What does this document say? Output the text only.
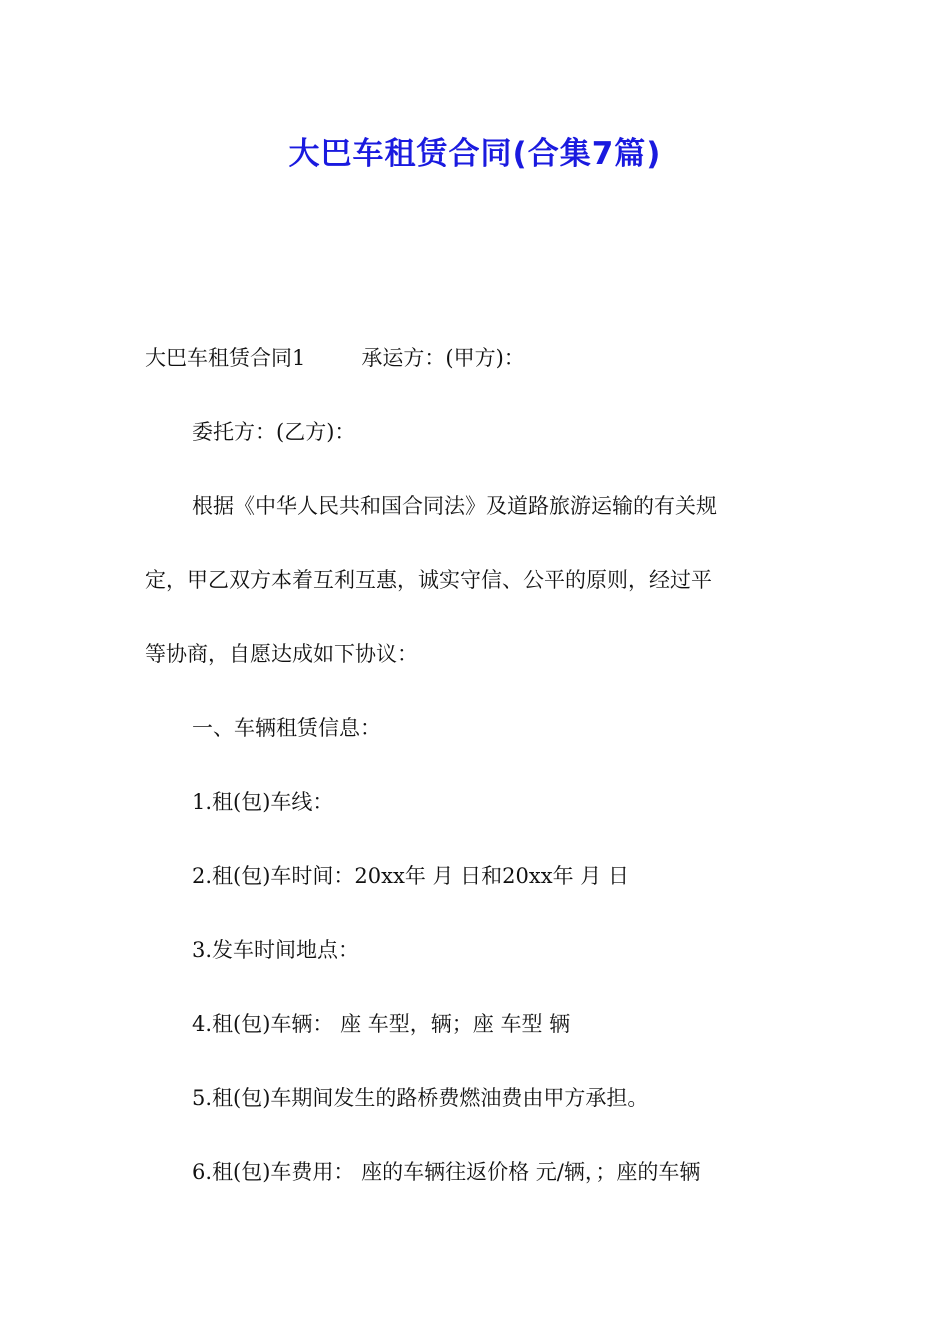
大巴车租赁合同(合集7篇)

大巴车租赁合同1	承运方：(甲方)：

委托方：(乙方)：

根据《中华人民共和国合同法》及道路旅游运输的有关规

定，甲乙双方本着互利互惠，诚实守信、公平的原则，经过平

等协商，自愿达成如下协议：

一、车辆租赁信息：

1.租(包)车线：

2.租(包)车时间：20xx年 月 日和20xx年 月 日

3.发车时间地点：

4.租(包)车辆： 座 车型，辆；座 车型 辆

5.租(包)车期间发生的路桥费燃油费由甲方承担。

6.租(包)车费用： 座的车辆往返价格 元/辆，；座的车辆
